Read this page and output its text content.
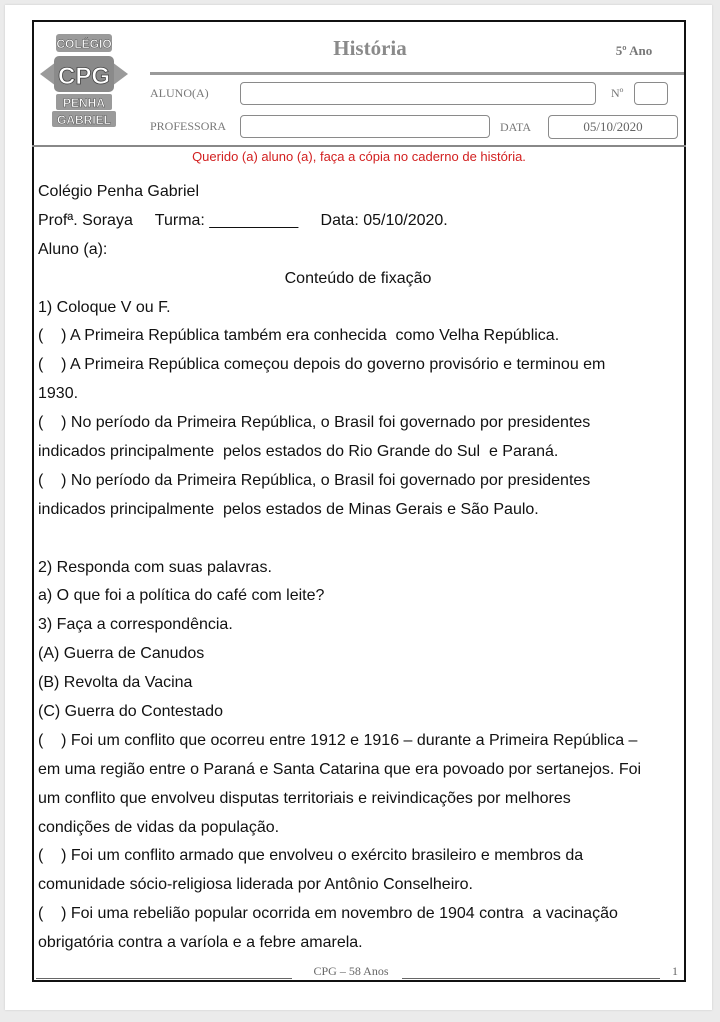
COLÉGIO
CPG
PENHA
GABRIEL
História	5º Ano
ALUNO(A)	Nº
PROFESSORA	DATA	05/10/2020
Querido (a) aluno (a), faça a cópia no caderno de história.
Colégio Penha Gabriel
Profª. Soraya     Turma: __________     Data: 05/10/2020.
Aluno (a):
Conteúdo de fixação
1) Coloque V ou F.
(    ) A Primeira República também era conhecida  como Velha República.
(    ) A Primeira República começou depois do governo provisório e terminou em
1930.
(    ) No período da Primeira República, o Brasil foi governado por presidentes
indicados principalmente  pelos estados do Rio Grande do Sul  e Paraná.
(    ) No período da Primeira República, o Brasil foi governado por presidentes
indicados principalmente  pelos estados de Minas Gerais e São Paulo.
2) Responda com suas palavras.
a) O que foi a política do café com leite?
3) Faça a correspondência.
(A) Guerra de Canudos
(B) Revolta da Vacina
(C) Guerra do Contestado
(    ) Foi um conflito que ocorreu entre 1912 e 1916 – durante a Primeira República –
em uma região entre o Paraná e Santa Catarina que era povoado por sertanejos. Foi
um conflito que envolveu disputas territoriais e reivindicações por melhores
condições de vidas da população.
(    ) Foi um conflito armado que envolveu o exército brasileiro e membros da
comunidade sócio-religiosa liderada por Antônio Conselheiro.
(    ) Foi uma rebelião popular ocorrida em novembro de 1904 contra  a vacinação
obrigatória contra a varíola e a febre amarela.
CPG – 58 Anos	1
